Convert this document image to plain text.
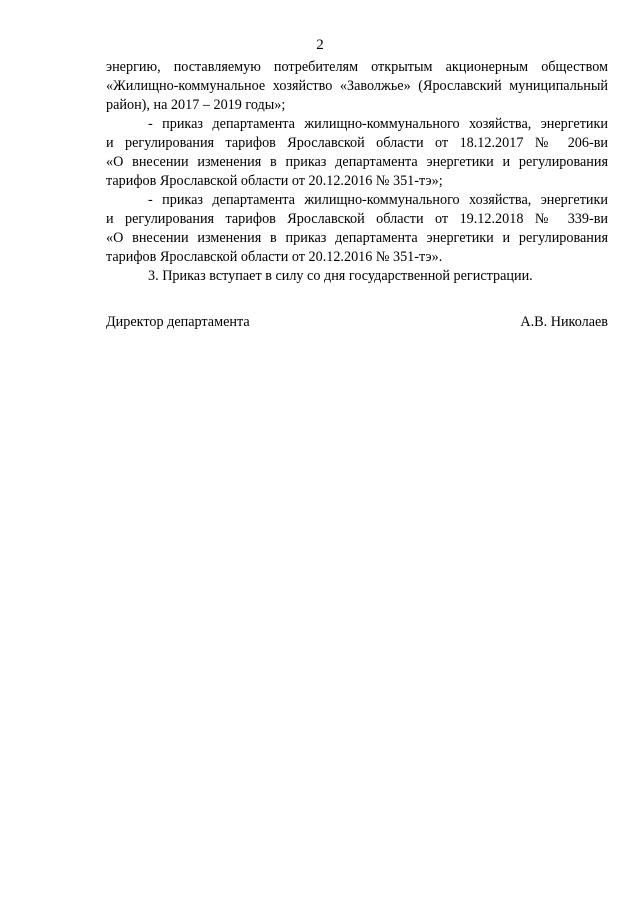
2
энергию, поставляемую потребителям открытым акционерным обществом
«Жилищно-коммунальное хозяйство «Заволжье» (Ярославский муниципальный
район), на 2017 – 2019 годы»;
- приказ департамента жилищно-коммунального хозяйства, энергетики
и регулирования тарифов Ярославской области от 18.12.2017 № 206-ви
«О внесении изменения в приказ департамента энергетики и регулирования
тарифов Ярославской области от 20.12.2016 № 351-тэ»;
- приказ департамента жилищно-коммунального хозяйства, энергетики
и регулирования тарифов Ярославской области от 19.12.2018 № 339-ви
«О внесении изменения в приказ департамента энергетики и регулирования
тарифов Ярославской области от 20.12.2016 № 351-тэ».
3. Приказ вступает в силу со дня государственной регистрации.
Директор департамента	А.В. Николаев
